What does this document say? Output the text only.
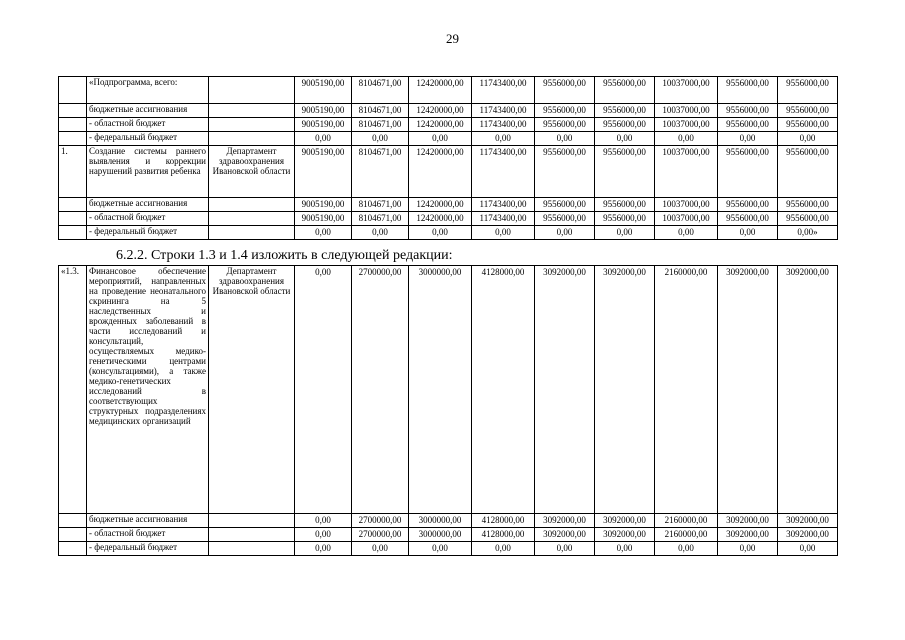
29
	«Подпрограмма, всего:		9005190,00	8104671,00	12420000,00	11743400,00	9556000,00	9556000,00	10037000,00	9556000,00	9556000,00
	бюджетные ассигнования		9005190,00	8104671,00	12420000,00	11743400,00	9556000,00	9556000,00	10037000,00	9556000,00	9556000,00
	- областной бюджет		9005190,00	8104671,00	12420000,00	11743400,00	9556000,00	9556000,00	10037000,00	9556000,00	9556000,00
	- федеральный бюджет		0,00	0,00	0,00	0,00	0,00	0,00	0,00	0,00	0,00
1.	Создание системы раннего выявления и коррекции нарушений развития ребенка	Департамент здравоохранения Ивановской области	9005190,00	8104671,00	12420000,00	11743400,00	9556000,00	9556000,00	10037000,00	9556000,00	9556000,00
	бюджетные ассигнования		9005190,00	8104671,00	12420000,00	11743400,00	9556000,00	9556000,00	10037000,00	9556000,00	9556000,00
	- областной бюджет		9005190,00	8104671,00	12420000,00	11743400,00	9556000,00	9556000,00	10037000,00	9556000,00	9556000,00
	- федеральный бюджет		0,00	0,00	0,00	0,00	0,00	0,00	0,00	0,00	0,00»
6.2.2. Строки 1.3 и 1.4 изложить в следующей редакции:
«1.3.	Финансовое обеспечение мероприятий, направленных на проведение неонатального скрининга на 5 наследственных и врожденных заболеваний в части исследований и консультаций, осуществляемых медико-генетическими центрами (консультациями), а также медико-генетических исследований в соответствующих структурных подразделениях медицинских организаций	Департамент здравоохранения Ивановской области	0,00	2700000,00	3000000,00	4128000,00	3092000,00	3092000,00	2160000,00	3092000,00	3092000,00
	бюджетные ассигнования		0,00	2700000,00	3000000,00	4128000,00	3092000,00	3092000,00	2160000,00	3092000,00	3092000,00
	- областной бюджет		0,00	2700000,00	3000000,00	4128000,00	3092000,00	3092000,00	2160000,00	3092000,00	3092000,00
	- федеральный бюджет		0,00	0,00	0,00	0,00	0,00	0,00	0,00	0,00	0,00
